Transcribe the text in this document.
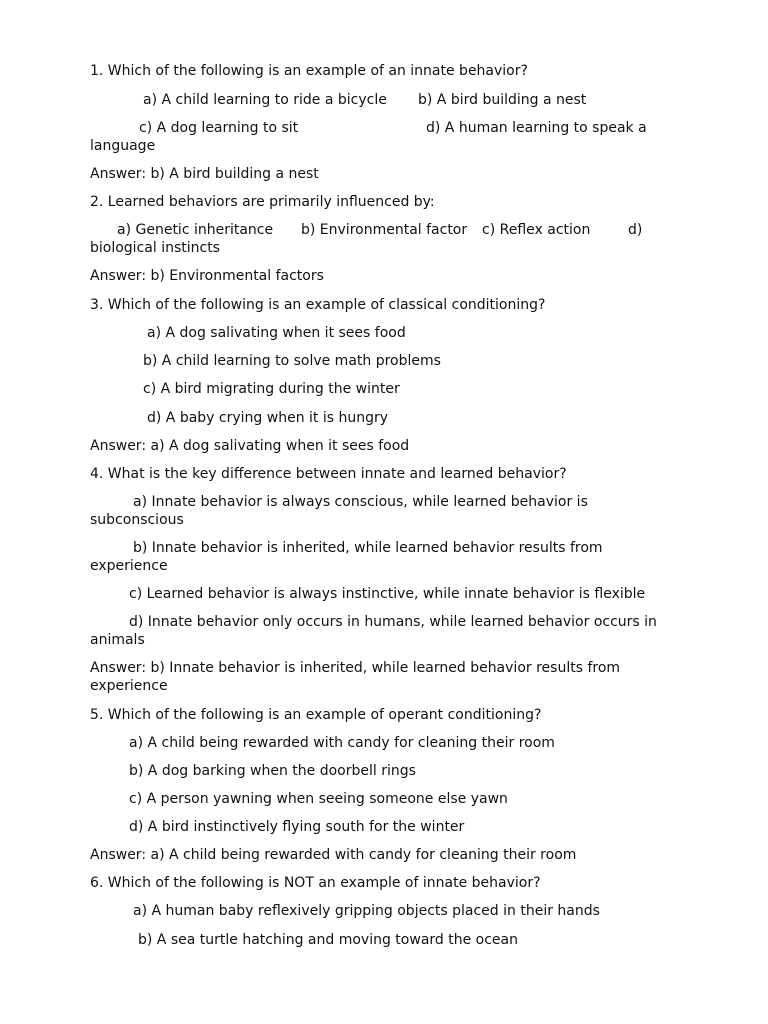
1. Which of the following is an example of an innate behavior?
a) A child learning to ride a bicycle b) A bird building a nest
c) A dog learning to sit	d) A human learning to speak a
language
Answer: b) A bird building a nest
2. Learned behaviors are primarily influenced by:
a) Genetic inheritance b) Environmental factor c) Reflex action	d)
biological instincts
Answer: b) Environmental factors
3. Which of the following is an example of classical conditioning?
a) A dog salivating when it sees food
b) A child learning to solve math problems
c) A bird migrating during the winter
d) A baby crying when it is hungry
Answer: a) A dog salivating when it sees food
4. What is the key difference between innate and learned behavior?
a) Innate behavior is always conscious, while learned behavior is
subconscious
b) Innate behavior is inherited, while learned behavior results from
experience
c) Learned behavior is always instinctive, while innate behavior is flexible
d) Innate behavior only occurs in humans, while learned behavior occurs in
animals
Answer: b) Innate behavior is inherited, while learned behavior results from
experience
5. Which of the following is an example of operant conditioning?
a) A child being rewarded with candy for cleaning their room
b) A dog barking when the doorbell rings
c) A person yawning when seeing someone else yawn
d) A bird instinctively flying south for the winter
Answer: a) A child being rewarded with candy for cleaning their room
6. Which of the following is NOT an example of innate behavior?
a) A human baby reflexively gripping objects placed in their hands
b) A sea turtle hatching and moving toward the ocean
